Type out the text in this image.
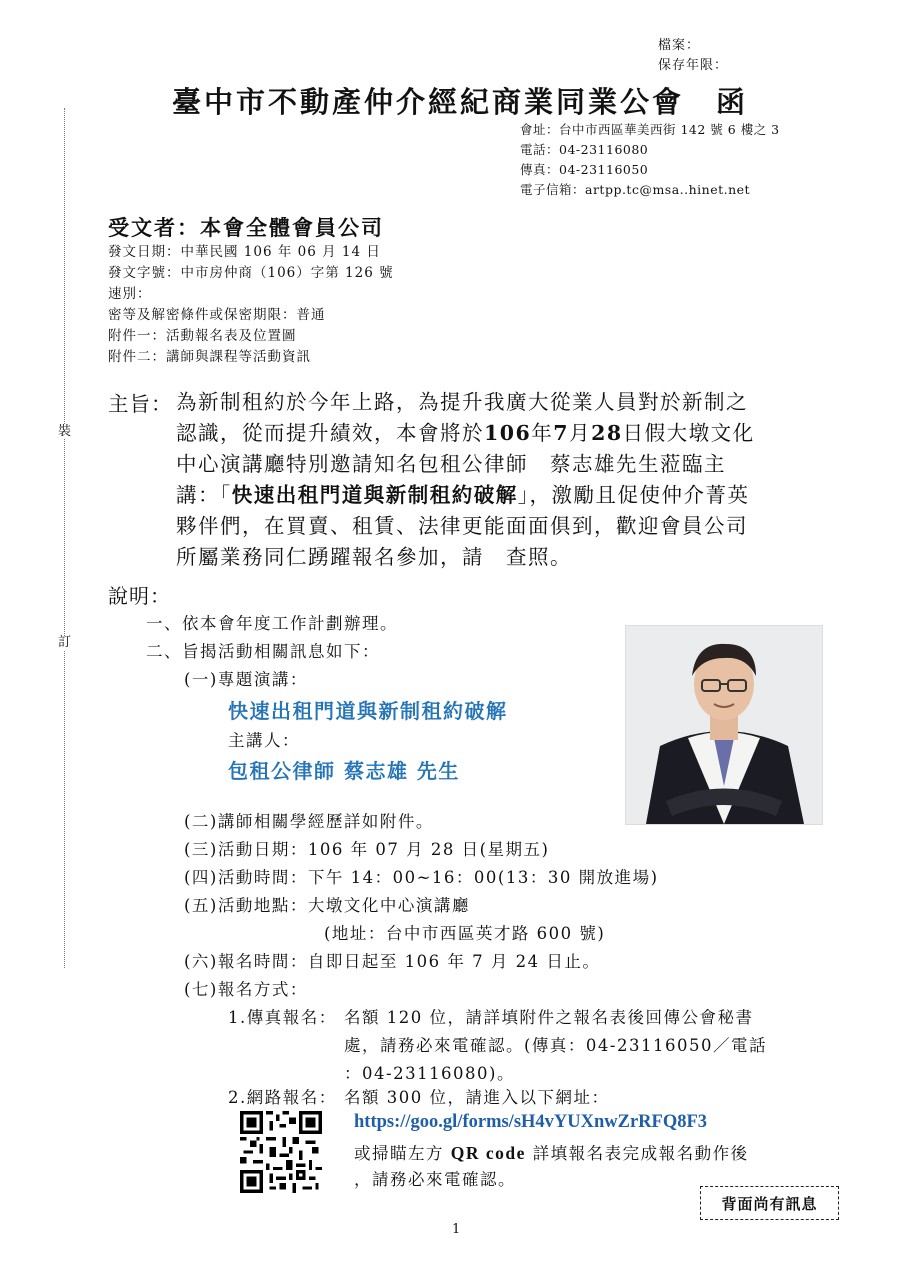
檔案：
保存年限：
裝
訂
臺中市不動產仲介經紀商業同業公會 函
會址：台中市西區華美西街 142 號 6 樓之 3
電話：04-23116080
傳真：04-23116050
電子信箱：artpp.tc@msa..hinet.net
受文者：本會全體會員公司
發文日期：中華民國 106 年 06 月 14 日
發文字號：中市房仲商（106）字第 126 號
速別：
密等及解密條件或保密期限：普通
附件一：活動報名表及位置圖
附件二：講師與課程等活動資訊
主旨： 為新制租約於今年上路，為提升我廣大從業人員對於新制之
認識，從而提升績效，本會將於106年7月28日假大墩文化
中心演講廳特別邀請知名包租公律師　蔡志雄先生蒞臨主
講：「快速出租門道與新制租約破解」，激勵且促使仲介菁英
夥伴們，在買賣、租賃、法律更能面面俱到，歡迎會員公司
所屬業務同仁踴躍報名參加，請　查照。
說明：
一、依本會年度工作計劃辦理。
二、旨揭活動相關訊息如下：
(一)專題演講：
快速出租門道與新制租約破解
主講人：
包租公律師 蔡志雄 先生
(二)講師相關學經歷詳如附件。
(三)活動日期：106 年 07 月 28 日(星期五)
(四)活動時間：下午 14：00~16：00(13：30 開放進場)
(五)活動地點：大墩文化中心演講廳
(地址：台中市西區英才路 600 號)
(六)報名時間：自即日起至 106 年 7 月 24 日止。
(七)報名方式：
1.傳真報名： 名額 120 位，請詳填附件之報名表後回傳公會秘書
處，請務必來電確認。(傳真：04-23116050／電話
：04-23116080)。
2.網路報名： 名額 300 位，請進入以下網址：
https://goo.gl/forms/sH4vYUXnwZrRFQ8F3
或掃瞄左方 QR code 詳填報名表完成報名動作後
，請務必來電確認。
背面尚有訊息
1
